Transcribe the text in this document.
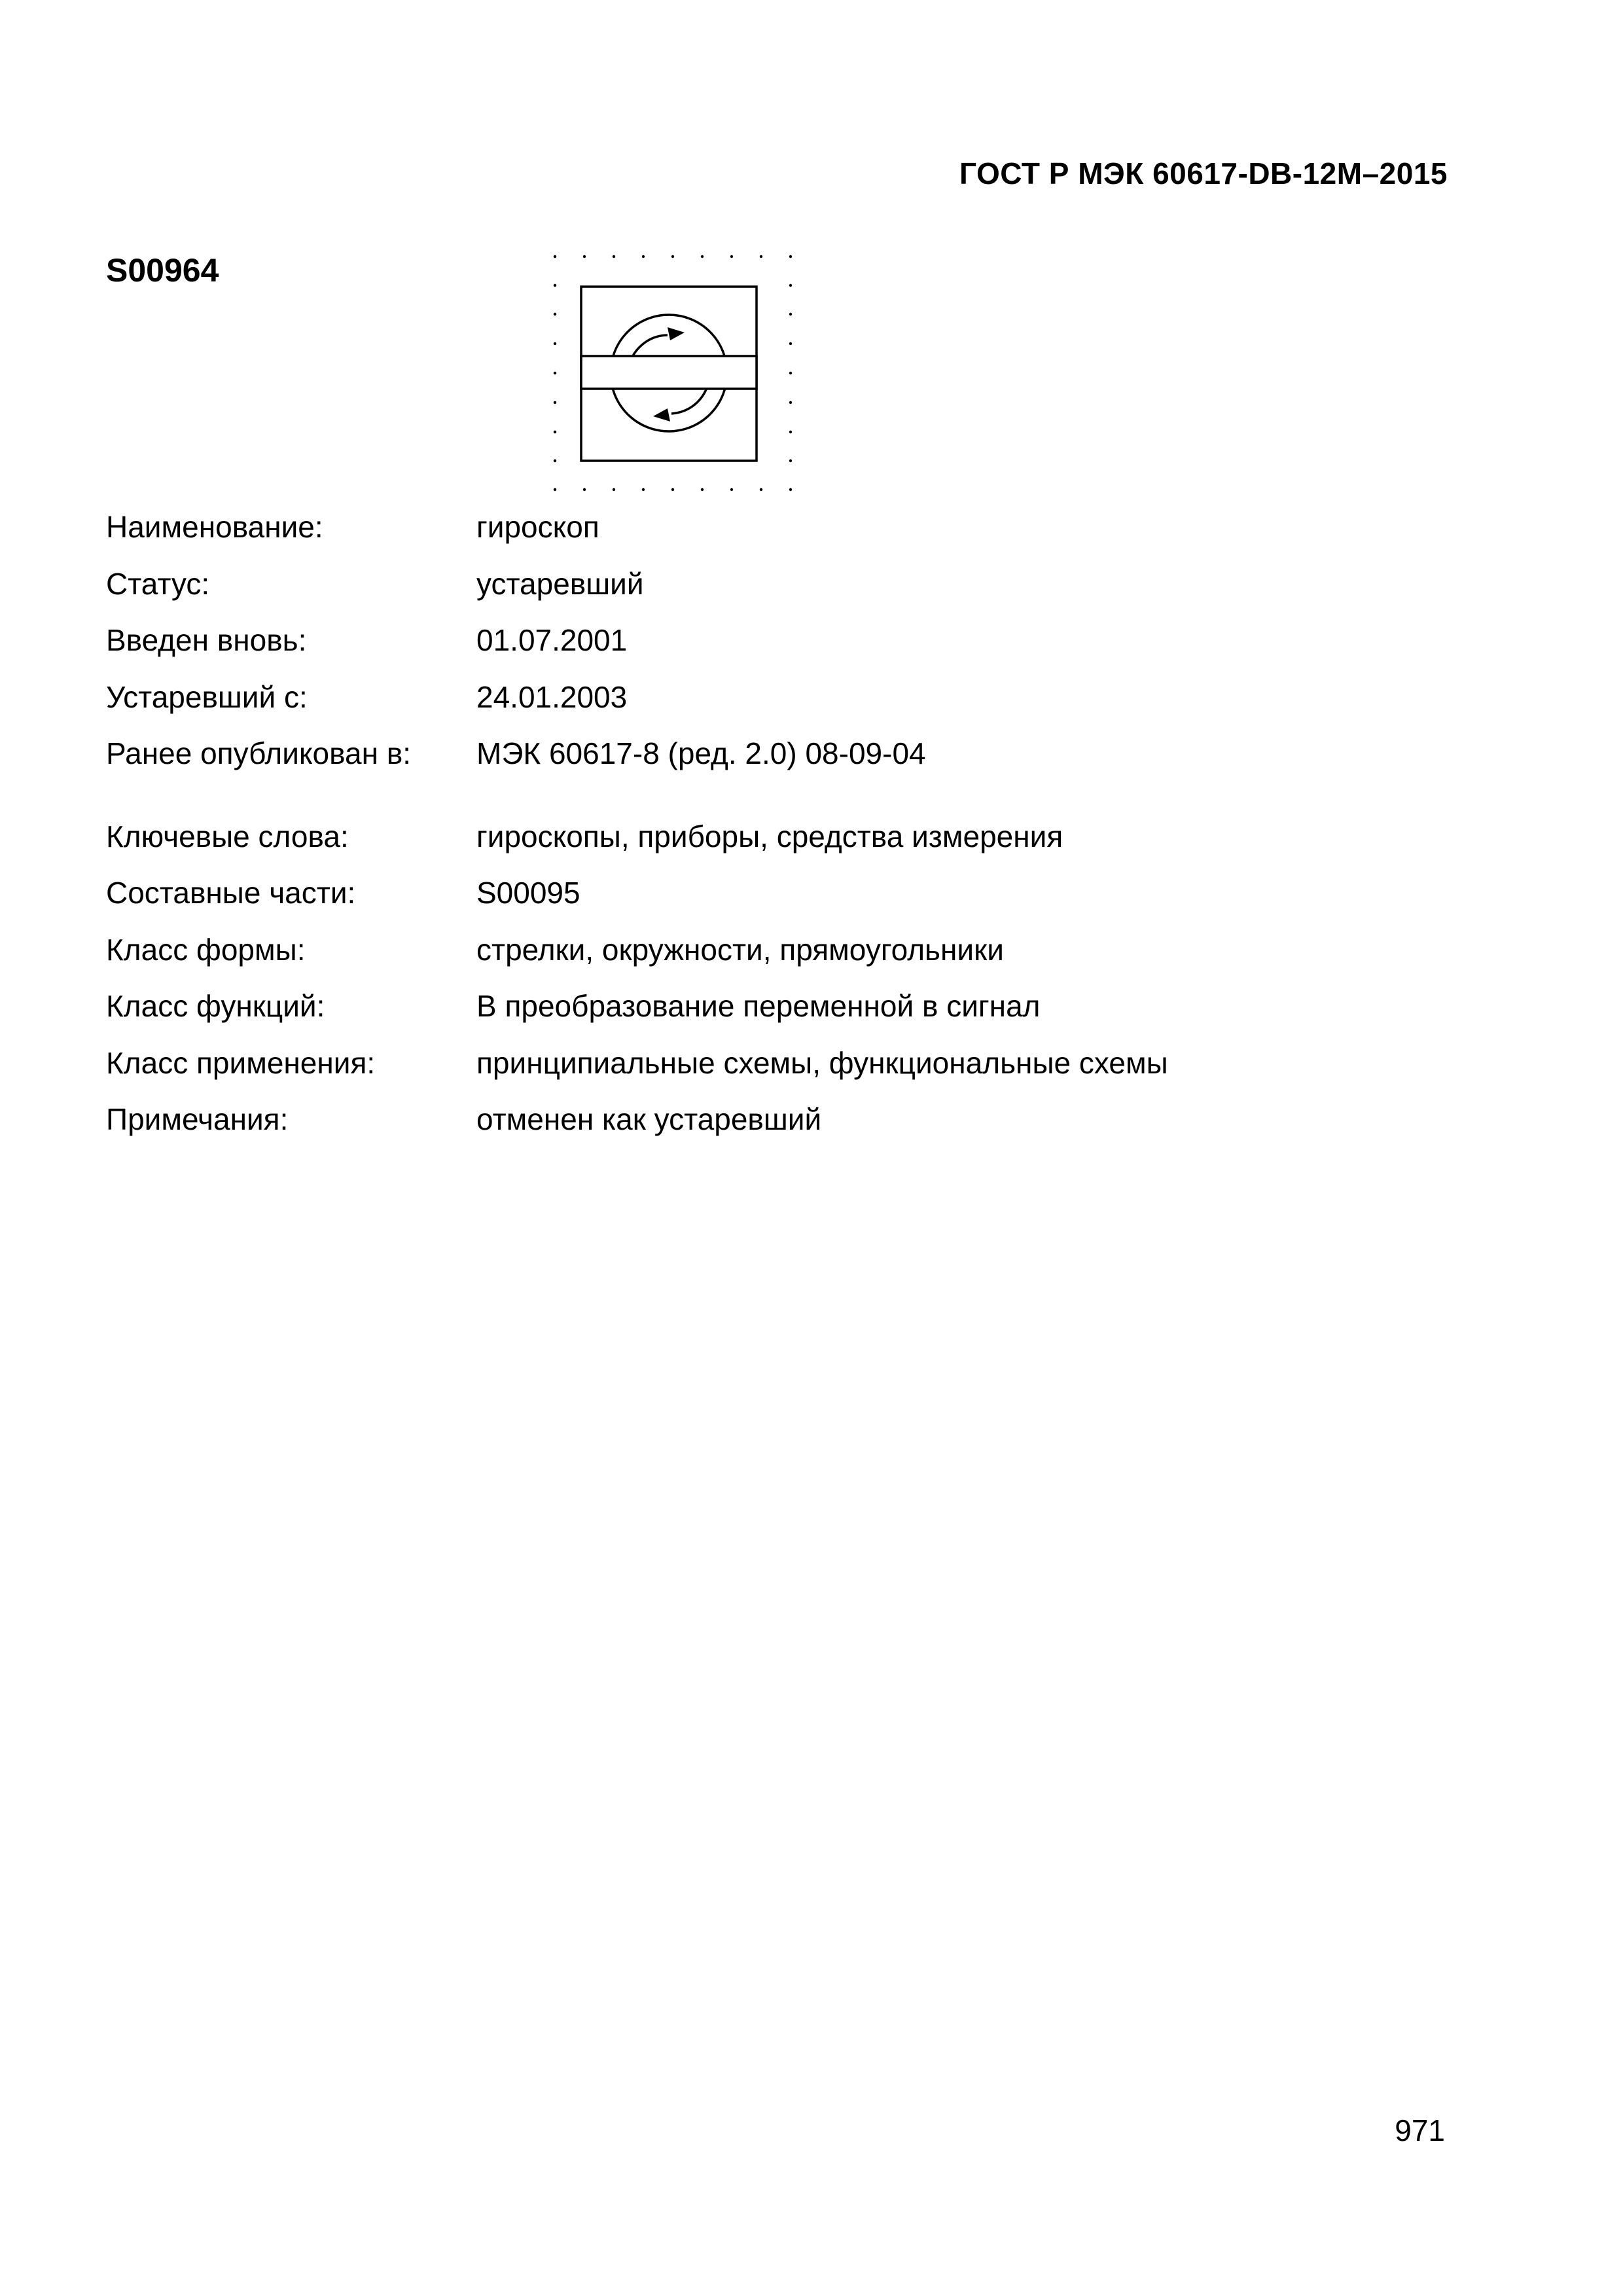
ГОСТ Р МЭК 60617-DB-12M–2015
S00964
Наименование:	гироскоп
Статус:	устаревший
Введен вновь:	01.07.2001
Устаревший с:	24.01.2003
Ранее опубликован в:	МЭК 60617-8 (ред. 2.0) 08-09-04
Ключевые слова:	гироскопы, приборы, средства измерения
Составные части:	S00095
Класс формы:	стрелки, окружности, прямоугольники
Класс функций:	В преобразование переменной в сигнал
Класс применения:	принципиальные схемы, функциональные схемы
Примечания:	отменен как устаревший
971
